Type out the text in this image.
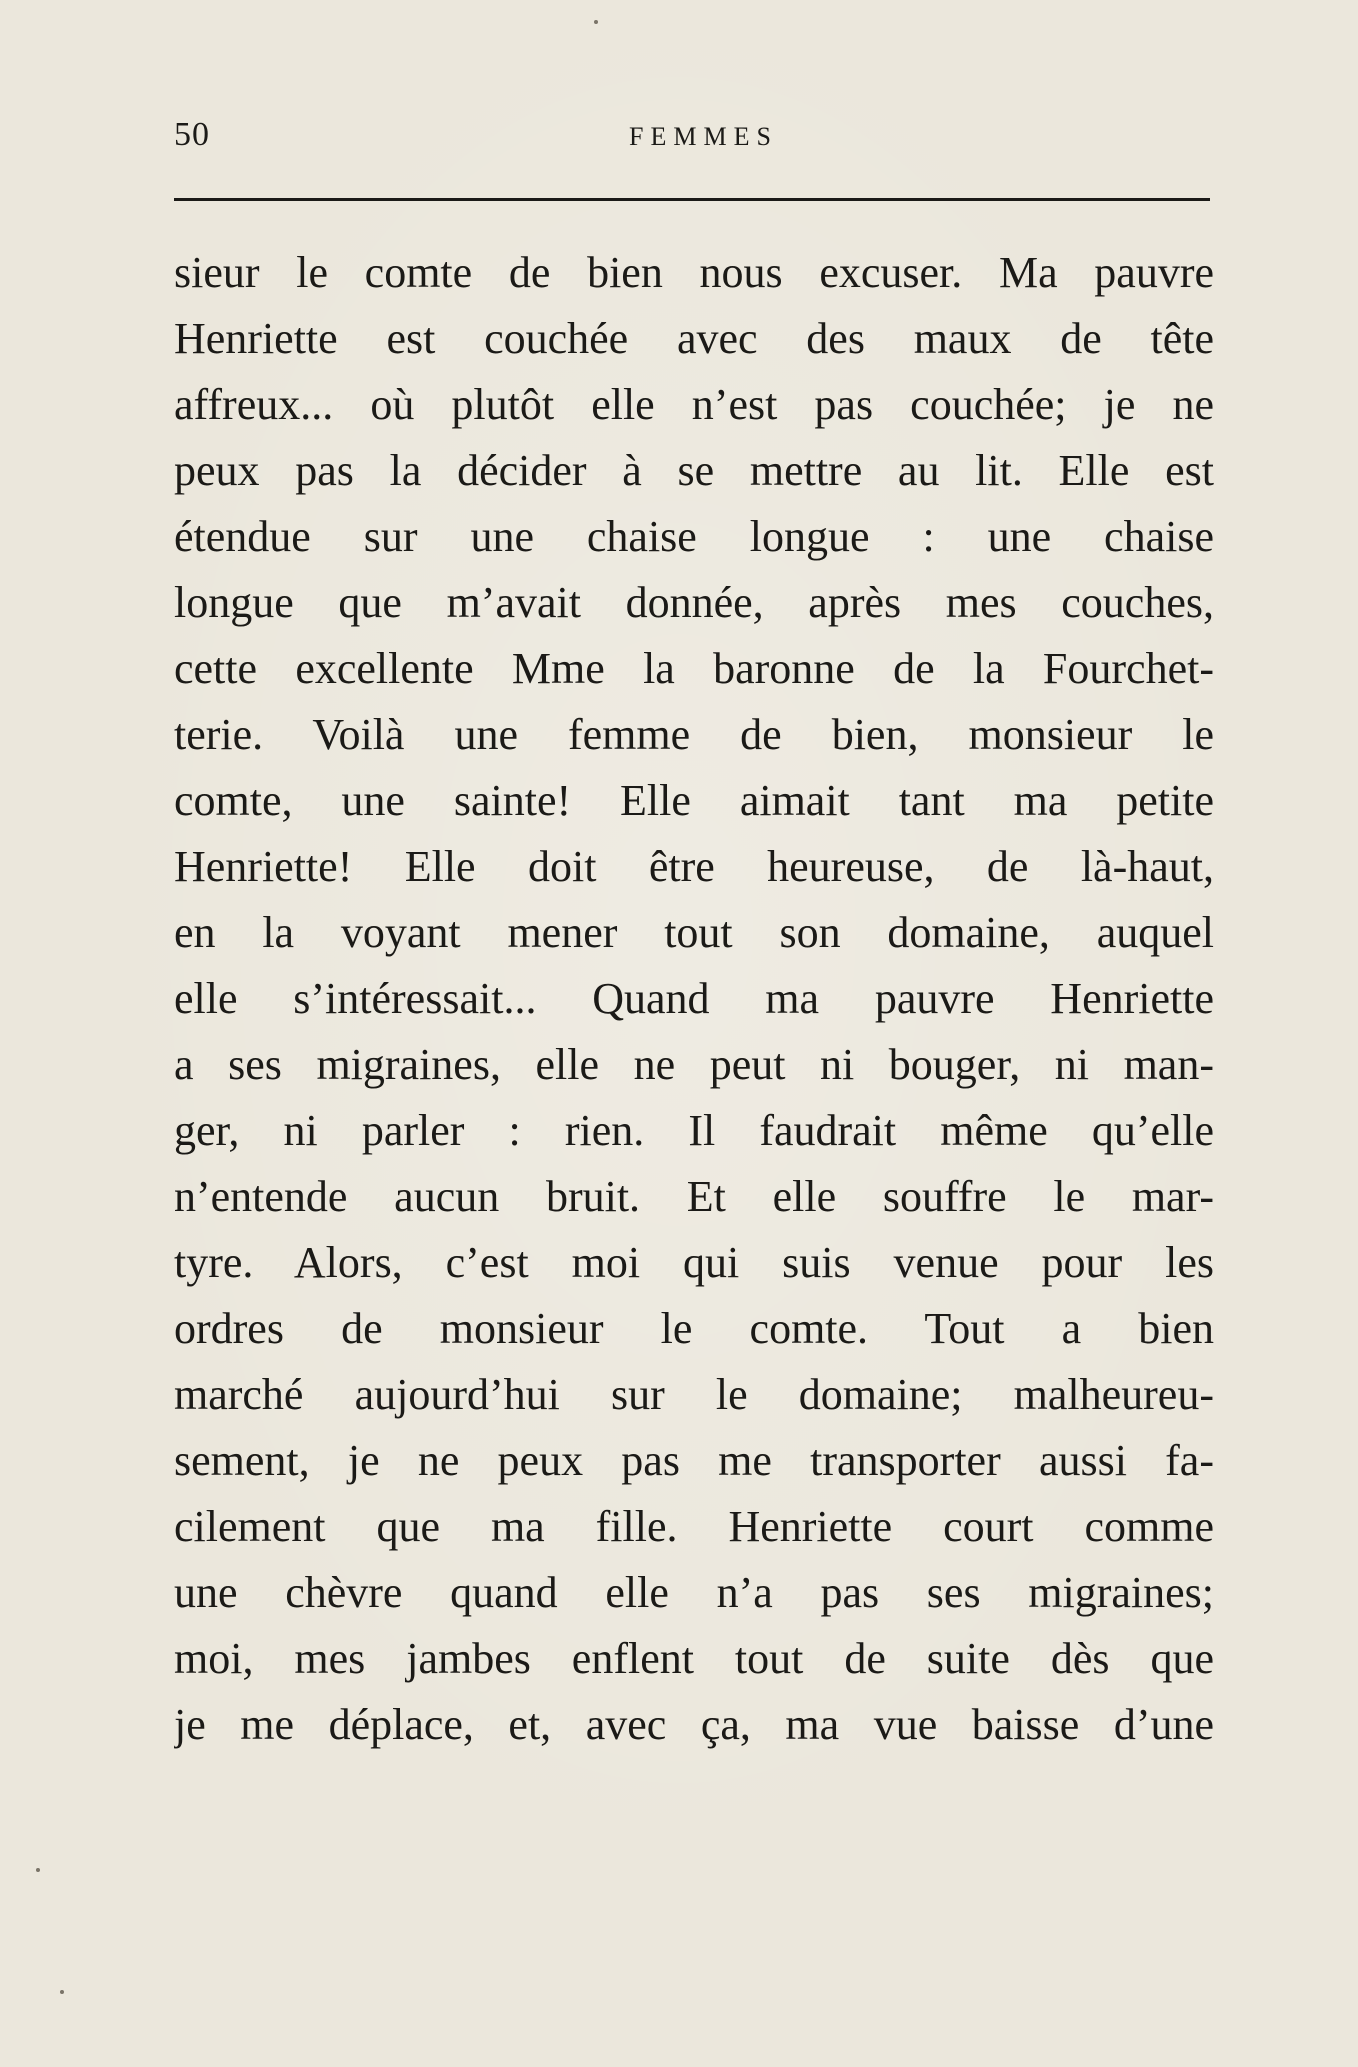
50	FEMMES
sieur le comte de bien nous excuser. Ma pauvre
Henriette est couchée avec des maux de tête
affreux... où plutôt elle n’est pas couchée; je ne
peux pas la décider à se mettre au lit. Elle est
étendue sur une chaise longue : une chaise
longue que m’avait donnée, après mes couches,
cette excellente Mme la baronne de la Fourchet-
terie. Voilà une femme de bien, monsieur le
comte, une sainte! Elle aimait tant ma petite
Henriette! Elle doit être heureuse, de là-haut,
en la voyant mener tout son domaine, auquel
elle s’intéressait... Quand ma pauvre Henriette
a ses migraines, elle ne peut ni bouger, ni man-
ger, ni parler : rien. Il faudrait même qu’elle
n’entende aucun bruit. Et elle souffre le mar-
tyre. Alors, c’est moi qui suis venue pour les
ordres de monsieur le comte. Tout a bien
marché aujourd’hui sur le domaine; malheureu-
sement, je ne peux pas me transporter aussi fa-
cilement que ma fille. Henriette court comme
une chèvre quand elle n’a pas ses migraines;
moi, mes jambes enflent tout de suite dès que
je me déplace, et, avec ça, ma vue baisse d’une
